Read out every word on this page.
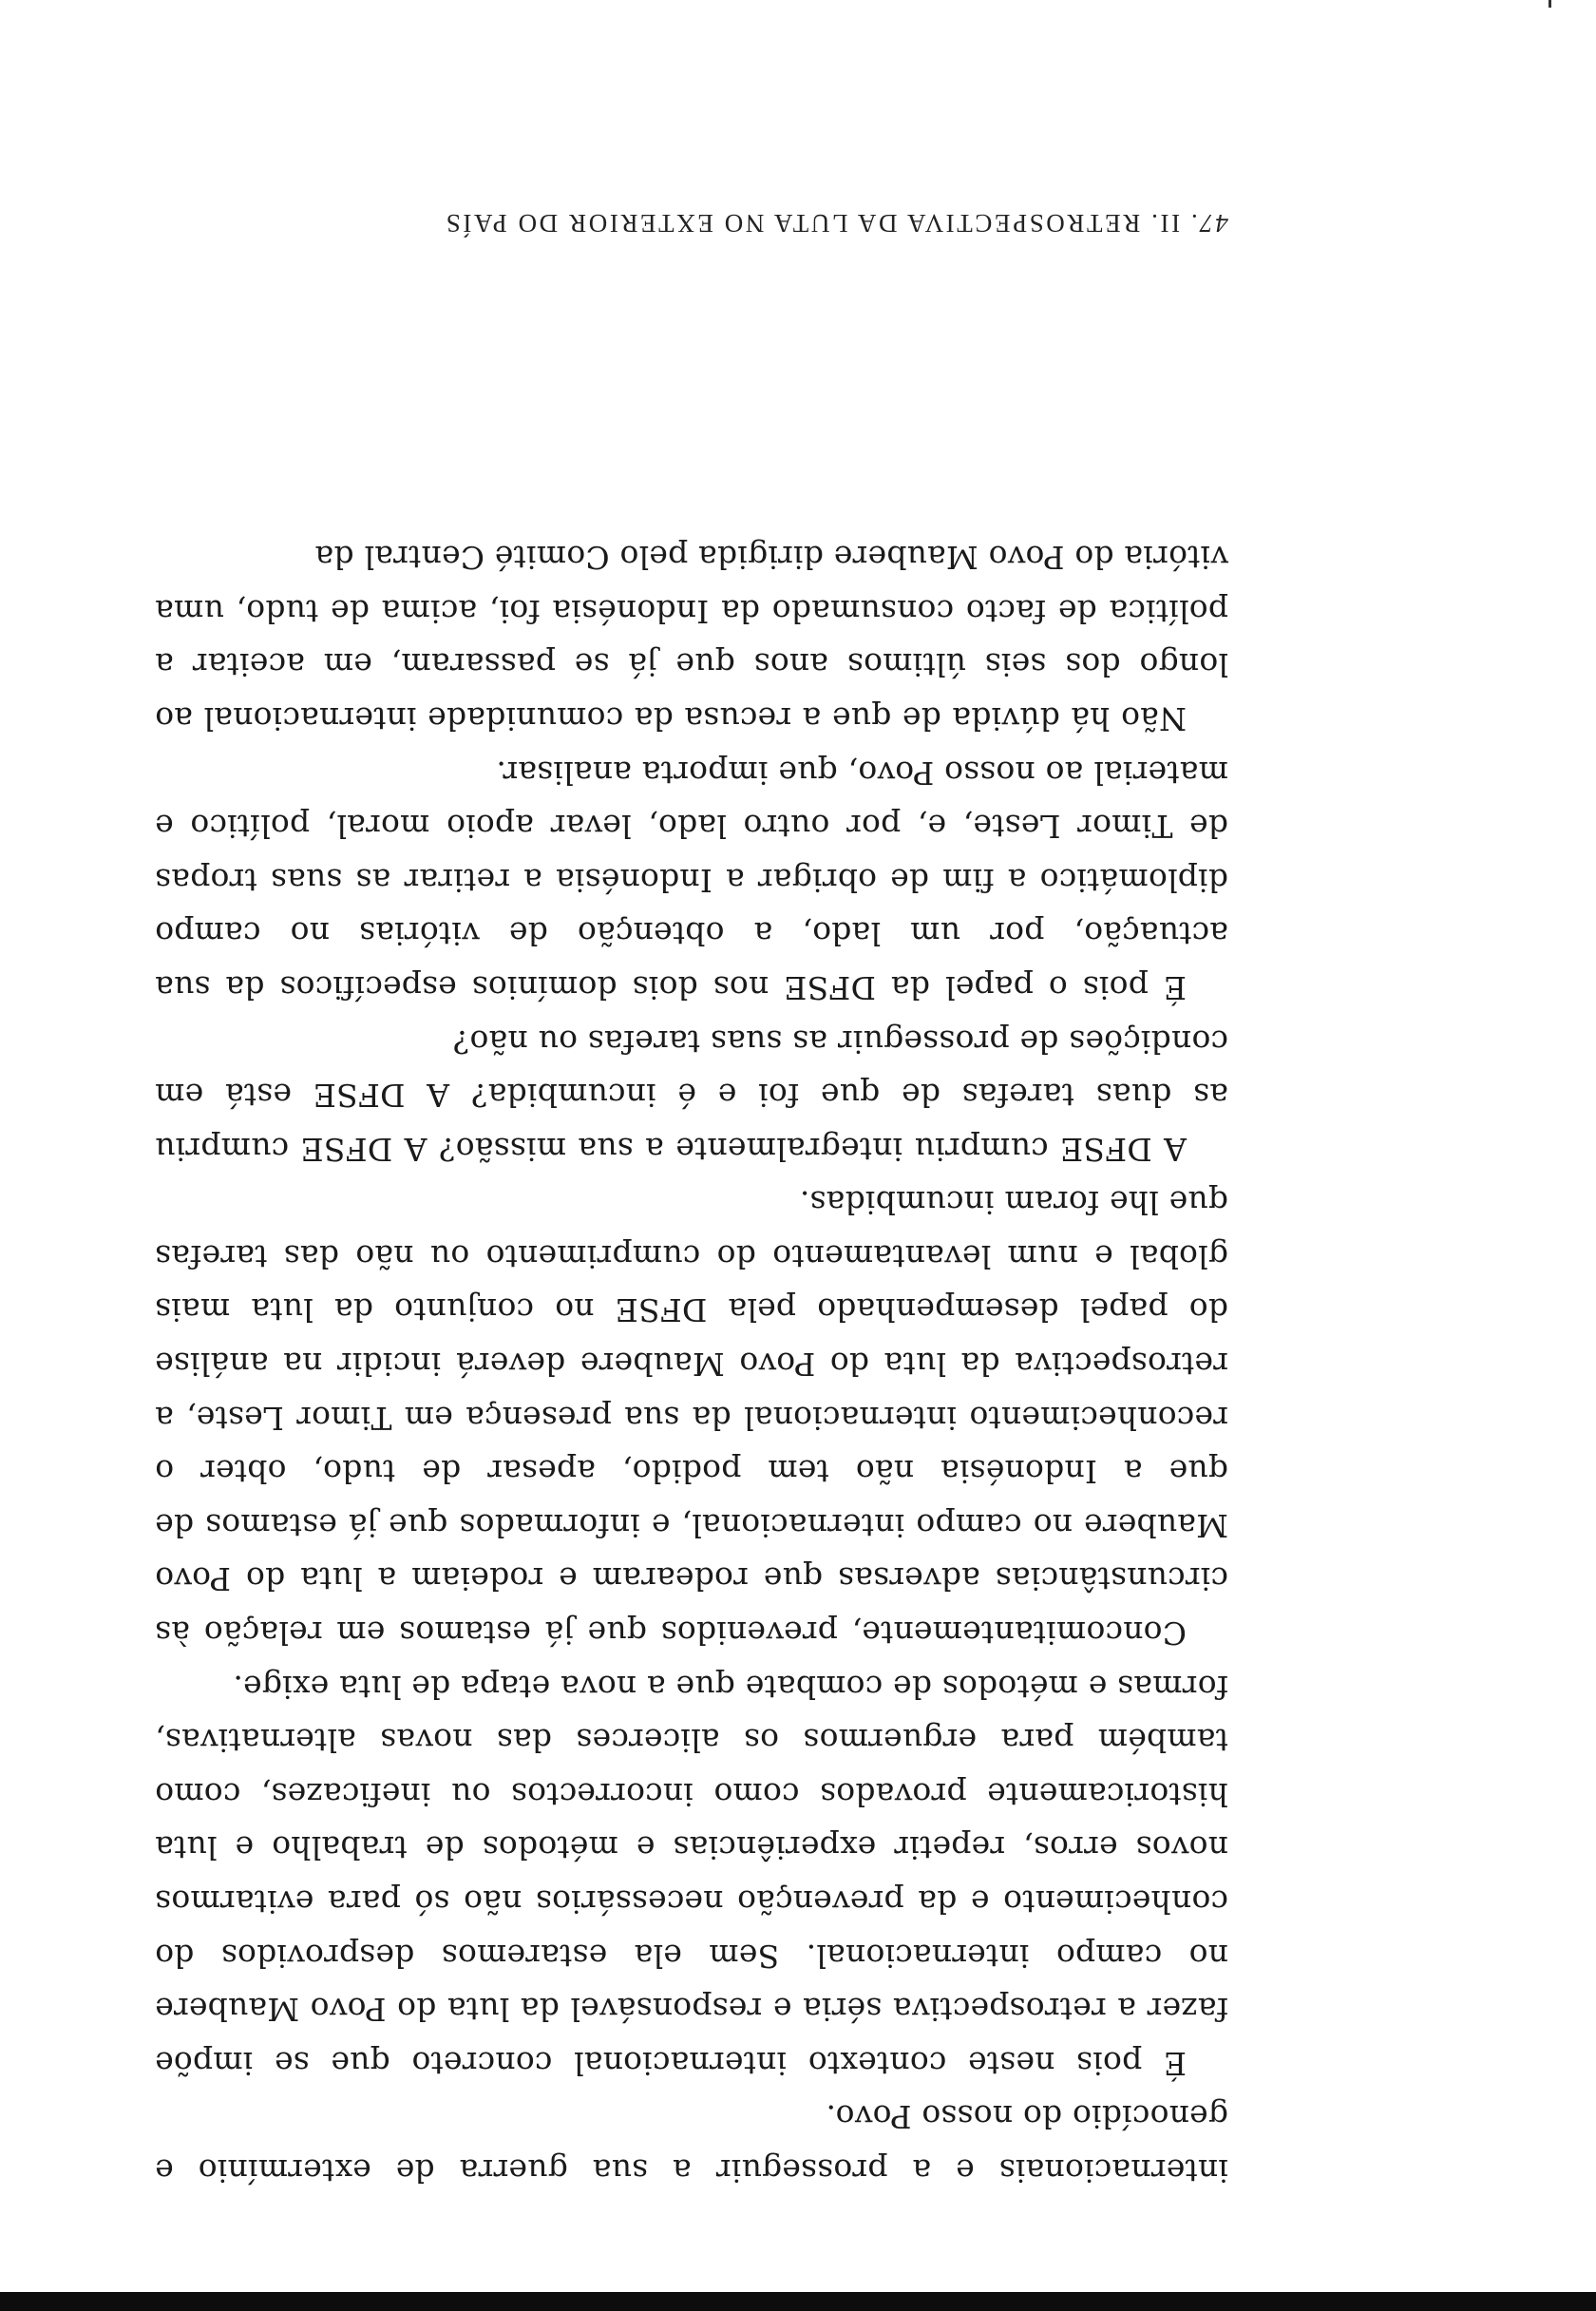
internacionais e a prosseguir a sua guerra de extermínio e genocídio do nosso Povo.

É pois neste contexto internacional concreto que se impõe fazer a retrospectiva séria e responsável da luta do Povo Maubere no campo internacional. Sem ela estaremos desprovidos do conhecimento e da prevenção necessários não só para evitarmos novos erros, repetir experiências e métodos de trabalho e luta historicamente provados como incorrectos ou ineficazes, como também para erguermos os alicerces das novas alternativas, formas e métodos de combate que a nova etapa de luta exige.

Concomitantemente, prevenidos que já estamos em relação às circunstâncias adversas que rodearam e rodeiam a luta do Povo Maubere no campo internacional, e informados que já estamos de que a Indonésia não tem podido, apesar de tudo, obter o reconhecimento internacional da sua presença em Timor Leste, a retrospectiva da luta do Povo Maubere deverá incidir na análise do papel desempenhado pela DFSE no conjunto da luta mais global e num levantamento do cumprimento ou não das tarefas que lhe foram incumbidas.

A DFSE cumpriu integralmente a sua missão? A DFSE cumpriu as duas tarefas de que foi e é incumbida? A DFSE está em condições de prosseguir as suas tarefas ou não?

É pois o papel da DFSE nos dois domínios específicos da sua actuação, por um lado, a obtenção de vitórias no campo diplomático a fim de obrigar a Indonésia a retirar as suas tropas de Timor Leste, e, por outro lado, levar apoio moral, político e material ao nosso Povo, que importa analisar.

Não há dúvida de que a recusa da comunidade internacional ao longo dos seis últimos anos que já se passaram, em aceitar a política de facto consumado da Indonésia foi, acima de tudo, uma vitória do Povo Maubere dirigida pelo Comité Central da

47. II. RETROSPECTIVA DA LUTA NO EXTERIOR DO PAÍS
